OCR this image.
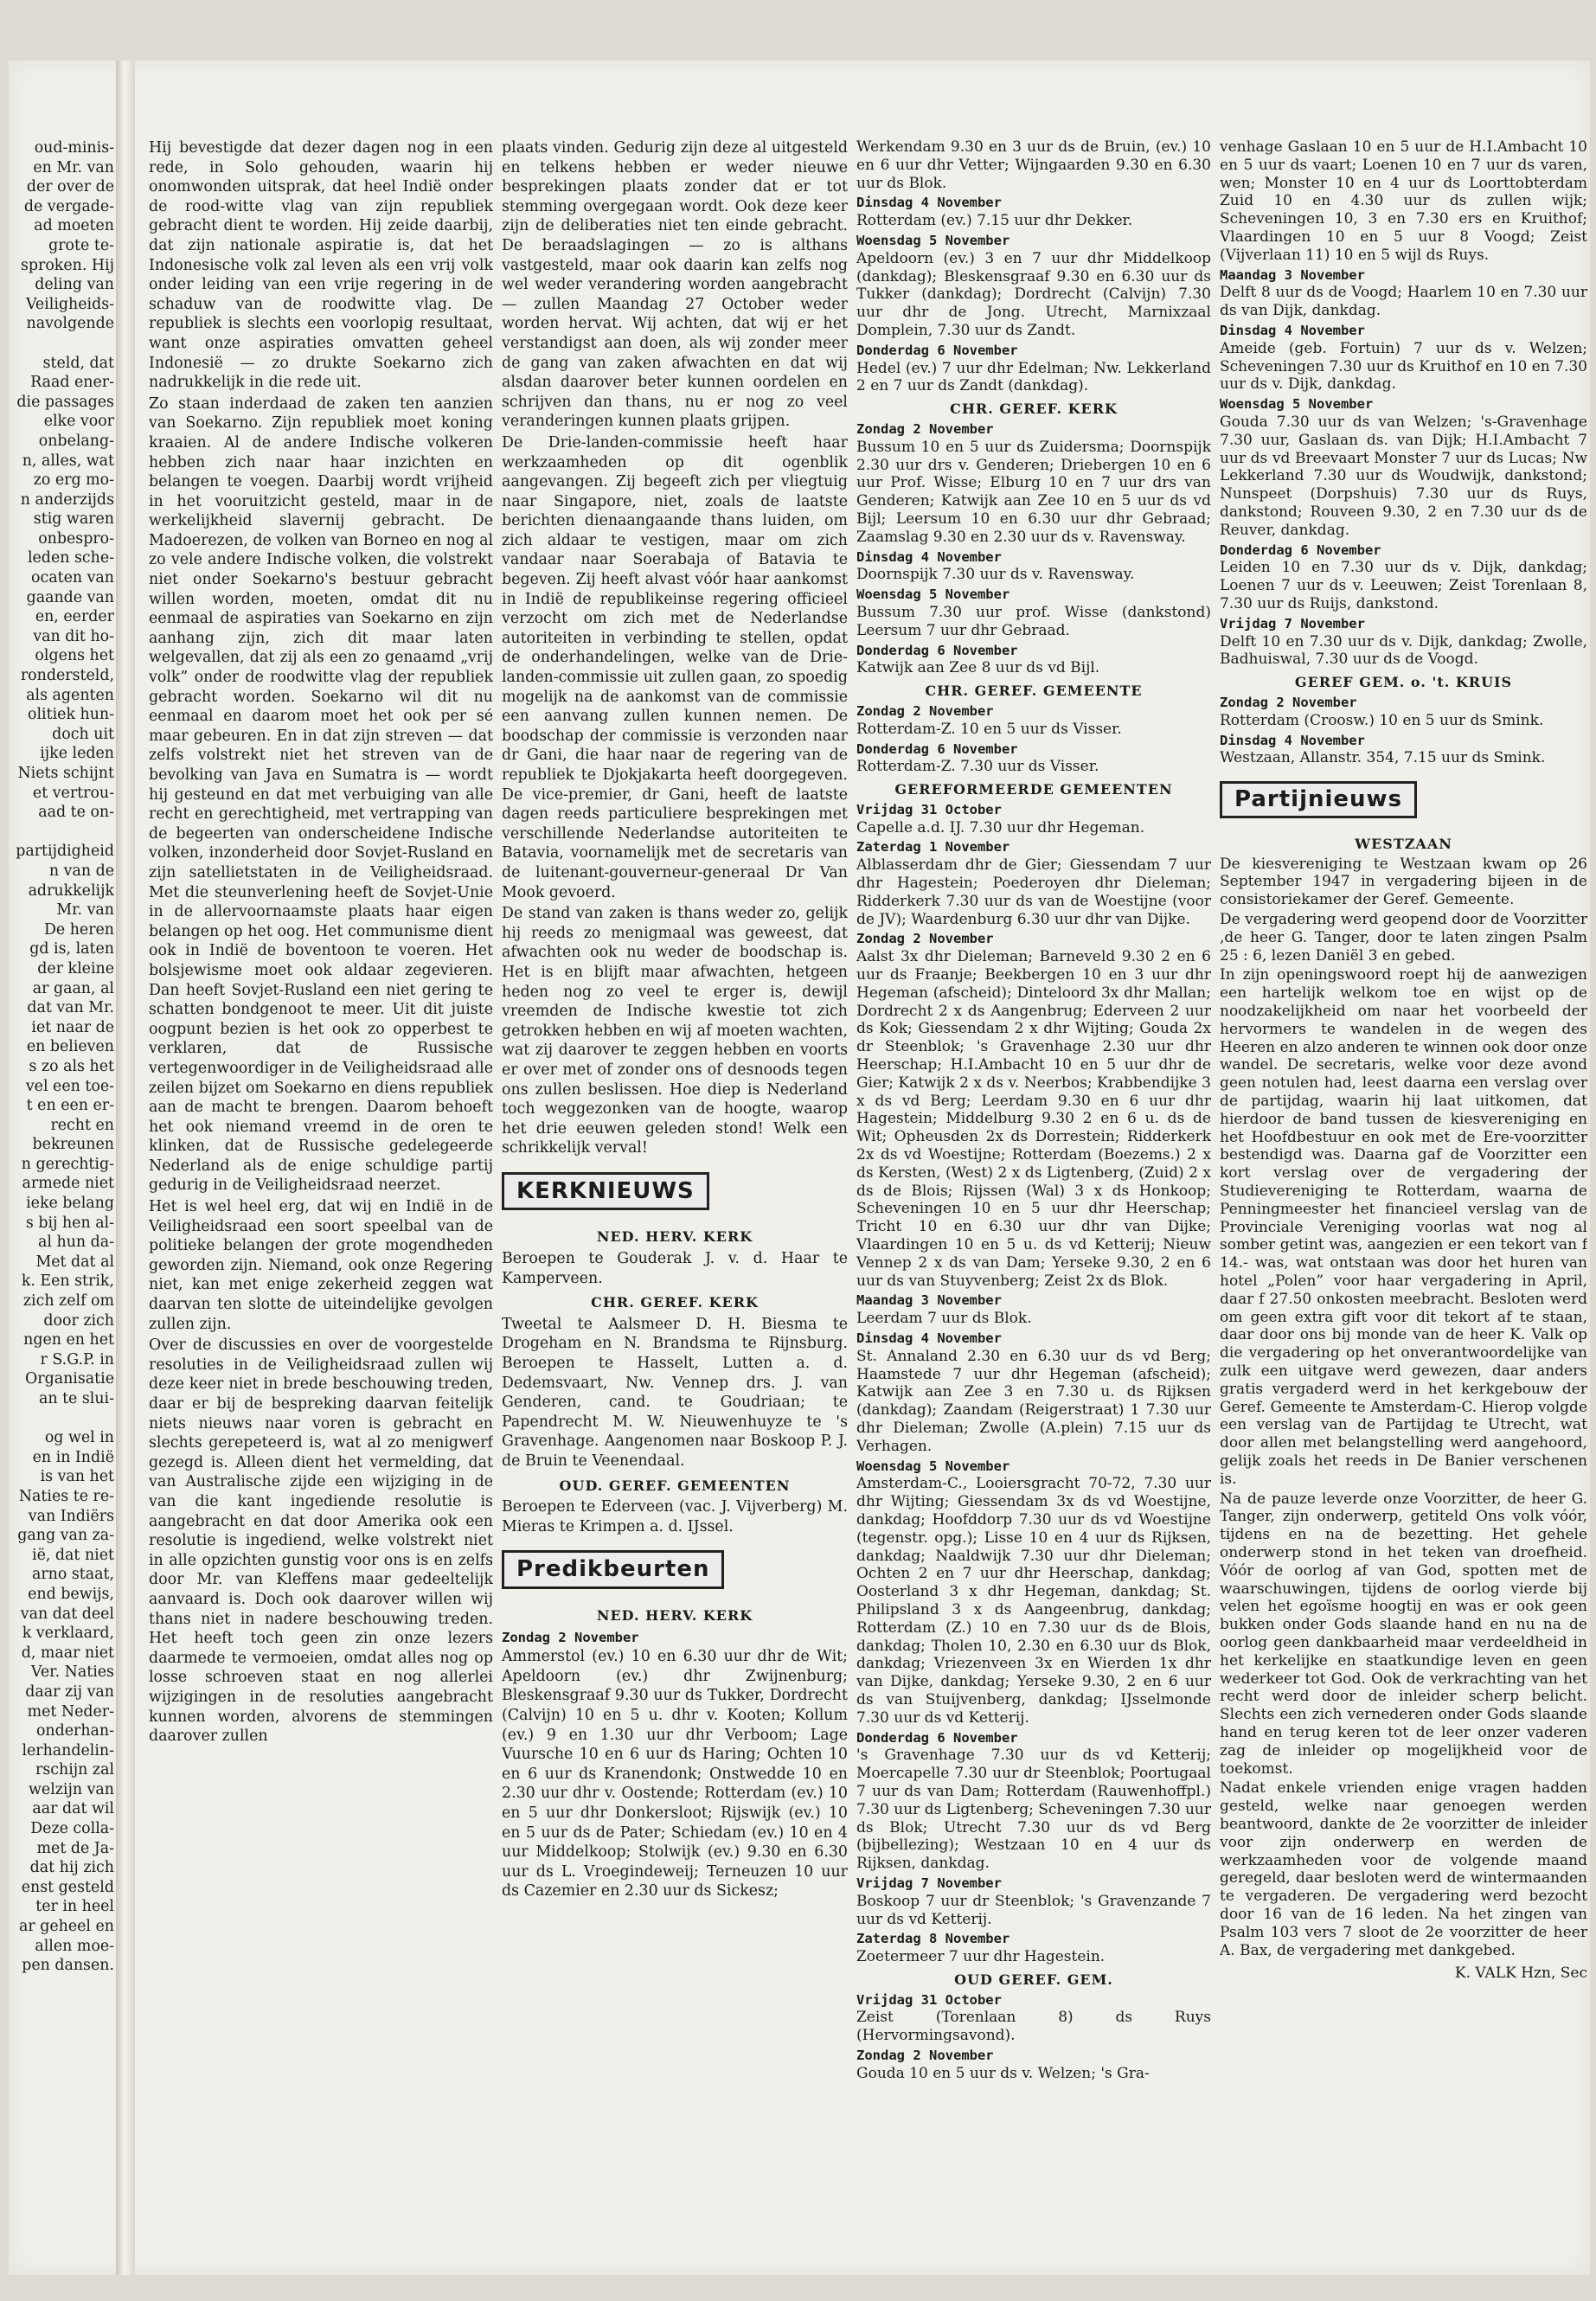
oud-minis-

en Mr. van

der over de

de vergade-

ad moeten

grote te-

sproken. Hij

deling van

Veiligheids-

navolgende

steld, dat

Raad ener-

die passages

elke voor

onbelang-

n, alles, wat

zo erg mo-

n anderzijds

stig waren

onbespro-

leden sche-

ocaten van

gaande van

en, eerder

van dit ho-

olgens het

rondersteld,

als agenten

olitiek hun-

doch uit

ijke leden

Niets schijnt

et vertrou-

aad te on-

partijdigheid

n van de

adrukkelijk

Mr. van

De heren

gd is, laten

der kleine

ar gaan, al

dat van Mr.

iet naar de

en believen

s zo als het

vel een toe-

t en een er-

recht en

bekreunen

n gerechtig-

armede niet

ieke belang

s bij hen al-

al hun da-

Met dat al

k. Een strik,

zich zelf om

door zich

ngen en het

r S.G.P. in

Organisatie

an te slui-

og wel in

en in Indië

is van het

Naties te re-

van Indiërs

gang van za-

ië, dat niet

arno staat,

end bewijs,

van dat deel

k verklaard,

d, maar niet

Ver. Naties

daar zij van

met Neder-

onderhan-

lerhandelin-

rschijn zal

welzijn van

aar dat wil

Deze colla-

met de Ja-

dat hij zich

enst gesteld

ter in heel

ar geheel en

allen moe-

pen dansen.

Hij bevestigde dat dezer dagen nog in een rede, in Solo gehouden, waarin hij onomwonden uitsprak, dat heel Indië onder de rood-witte vlag van zijn republiek gebracht dient te worden. Hij zeide daarbij, dat zijn nationale aspiratie is, dat het Indonesische volk zal leven als een vrij volk onder leiding van een vrije regering in de schaduw van de roodwitte vlag. De republiek is slechts een voorlopig resultaat, want onze aspiraties omvatten geheel Indonesië — zo drukte Soekarno zich nadrukkelijk in die rede uit.

Zo staan inderdaad de zaken ten aanzien van Soekarno. Zijn republiek moet koning kraaien. Al de andere Indische volkeren hebben zich naar haar inzichten en belangen te voegen. Daarbij wordt vrijheid in het vooruitzicht gesteld, maar in de werkelijkheid slavernij gebracht. De Madoerezen, de volken van Borneo en nog al zo vele andere Indische volken, die volstrekt niet onder Soekarno's bestuur gebracht willen worden, moeten, omdat dit nu eenmaal de aspiraties van Soekarno en zijn aanhang zijn, zich dit maar laten welgevallen, dat zij als een zo genaamd „vrij volk” onder de roodwitte vlag der republiek gebracht worden. Soekarno wil dit nu eenmaal en daarom moet het ook per sé maar gebeuren. En in dat zijn streven — dat zelfs volstrekt niet het streven van de bevolking van Java en Sumatra is — wordt hij gesteund en dat met verbuiging van alle recht en gerechtigheid, met vertrapping van de begeerten van onderscheidene Indische volken, inzonderheid door Sovjet-Rusland en zijn satellietstaten in de Veiligheidsraad. Met die steunverlening heeft de Sovjet-Unie in de allervoornaamste plaats haar eigen belangen op het oog. Het communisme dient ook in Indië de boventoon te voeren. Het bolsjewisme moet ook aldaar zegevieren. Dan heeft Sovjet-Rusland een niet gering te schatten bondgenoot te meer. Uit dit juiste oogpunt bezien is het ook zo opperbest te verklaren, dat de Russische vertegenwoordiger in de Veiligheidsraad alle zeilen bijzet om Soekarno en diens republiek aan de macht te brengen. Daarom behoeft het ook niemand vreemd in de oren te klinken, dat de Russische gedelegeerde Nederland als de enige schuldige partij gedurig in de Veiligheidsraad neerzet.

Het is wel heel erg, dat wij en Indië in de Veiligheidsraad een soort speelbal van de politieke belangen der grote mogendheden geworden zijn. Niemand, ook onze Regering niet, kan met enige zekerheid zeggen wat daarvan ten slotte de uiteindelijke gevolgen zullen zijn.

Over de discussies en over de voorgestelde resoluties in de Veiligheidsraad zullen wij deze keer niet in brede beschouwing treden, daar er bij de bespreking daarvan feitelijk niets nieuws naar voren is gebracht en slechts gerepeteerd is, wat al zo menigwerf gezegd is. Alleen dient het vermelding, dat van Australische zijde een wijziging in de van die kant ingediende resolutie is aangebracht en dat door Amerika ook een resolutie is ingediend, welke volstrekt niet in alle opzichten gunstig voor ons is en zelfs door Mr. van Kleffens maar gedeeltelijk aanvaard is. Doch ook daarover willen wij thans niet in nadere beschouwing treden. Het heeft toch geen zin onze lezers daarmede te vermoeien, omdat alles nog op losse schroeven staat en nog allerlei wijzigingen in de resoluties aangebracht kunnen worden, alvorens de stemmingen daarover zullen

plaats vinden. Gedurig zijn deze al uitgesteld en telkens hebben er weder nieuwe besprekingen plaats zonder dat er tot stemming overgegaan wordt. Ook deze keer zijn de deliberaties niet ten einde gebracht. De beraadslagingen — zo is althans vastgesteld, maar ook daarin kan zelfs nog wel weder verandering worden aangebracht — zullen Maandag 27 October weder worden hervat. Wij achten, dat wij er het verstandigst aan doen, als wij zonder meer de gang van zaken afwachten en dat wij alsdan daarover beter kunnen oordelen en schrijven dan thans, nu er nog zo veel veranderingen kunnen plaats grijpen.

De Drie-landen-commissie heeft haar werkzaamheden op dit ogenblik aangevangen. Zij begeeft zich per vliegtuig naar Singapore, niet, zoals de laatste berichten dienaangaande thans luiden, om zich aldaar te vestigen, maar om zich vandaar naar Soerabaja of Batavia te begeven. Zij heeft alvast vóór haar aankomst in Indië de republikeinse regering officieel verzocht om zich met de Nederlandse autoriteiten in verbinding te stellen, opdat de onderhandelingen, welke van de Drie-landen-commissie uit zullen gaan, zo spoedig mogelijk na de aankomst van de commissie een aanvang zullen kunnen nemen. De boodschap der commissie is verzonden naar dr Gani, die haar naar de regering van de republiek te Djokjakarta heeft doorgegeven. De vice-premier, dr Gani, heeft de laatste dagen reeds particuliere besprekingen met verschillende Nederlandse autoriteiten te Batavia, voornamelijk met de secretaris van de luitenant-gouverneur-generaal Dr Van Mook gevoerd.

De stand van zaken is thans weder zo, gelijk hij reeds zo menigmaal was geweest, dat afwachten ook nu weder de boodschap is. Het is en blijft maar afwachten, hetgeen heden nog zo veel te erger is, dewijl vreemden de Indische kwestie tot zich getrokken hebben en wij af moeten wachten, wat zij daarover te zeggen hebben en voorts er over met of zonder ons of desnoods tegen ons zullen beslissen. Hoe diep is Nederland toch weggezonken van de hoogte, waarop het drie eeuwen geleden stond! Welk een schrikkelijk verval!

KERKNIEUWS
NED. HERV. KERK

Beroepen te Gouderak J. v. d. Haar te Kamperveen.

CHR. GEREF. KERK

Tweetal te Aalsmeer D. H. Biesma te Drogeham en N. Brandsma te Rijnsburg. Beroepen te Hasselt, Lutten a. d. Dedemsvaart, Nw. Vennep drs. J. van Genderen, cand. te Goudriaan; te Papendrecht M. W. Nieuwenhuyze te 's Gravenhage. Aangenomen naar Boskoop P. J. de Bruin te Veenendaal.

OUD. GEREF. GEMEENTEN

Beroepen te Ederveen (vac. J. Vijverberg) M. Mieras te Krimpen a. d. IJssel.

Predikbeurten
NED. HERV. KERK
Zondag 2 November

Ammerstol (ev.) 10 en 6.30 uur dhr de Wit; Apeldoorn (ev.) dhr Zwijnenburg; Bleskensgraaf 9.30 uur ds Tukker, Dordrecht (Calvijn) 10 en 5 u. dhr v. Kooten; Kollum (ev.) 9 en 1.30 uur dhr Verboom; Lage Vuursche 10 en 6 uur ds Haring; Ochten 10 en 6 uur ds Kranendonk; Onstwedde 10 en 2.30 uur dhr v. Oostende; Rotterdam (ev.) 10 en 5 uur dhr Donkersloot; Rijswijk (ev.) 10 en 5 uur ds de Pater; Schiedam (ev.) 10 en 4 uur Middelkoop; Stolwijk (ev.) 9.30 en 6.30 uur ds L. Vroegindeweij; Terneuzen 10 uur ds Cazemier en 2.30 uur ds Sickesz;

Werkendam 9.30 en 3 uur ds de Bruin, (ev.) 10 en 6 uur dhr Vetter; Wijngaarden 9.30 en 6.30 uur ds Blok.

Dinsdag 4 November

Rotterdam (ev.) 7.15 uur dhr Dekker.

Woensdag 5 November

Apeldoorn (ev.) 3 en 7 uur dhr Middelkoop (dankdag); Bleskensgraaf 9.30 en 6.30 uur ds Tukker (dankdag); Dordrecht (Calvijn) 7.30 uur dhr de Jong. Utrecht, Marnixzaal Domplein, 7.30 uur ds Zandt.

Donderdag 6 November

Hedel (ev.) 7 uur dhr Edelman; Nw. Lekkerland 2 en 7 uur ds Zandt (dankdag).

CHR. GEREF. KERK
Zondag 2 November

Bussum 10 en 5 uur ds Zuidersma; Doornspijk 2.30 uur drs v. Genderen; Driebergen 10 en 6 uur Prof. Wisse; Elburg 10 en 7 uur drs van Genderen; Katwijk aan Zee 10 en 5 uur ds vd Bijl; Leersum 10 en 6.30 uur dhr Gebraad; Zaamslag 9.30 en 2.30 uur ds v. Ravensway.

Dinsdag 4 November

Doornspijk 7.30 uur ds v. Ravensway.

Woensdag 5 November

Bussum 7.30 uur prof. Wisse (dankstond) Leersum 7 uur dhr Gebraad.

Donderdag 6 November

Katwijk aan Zee 8 uur ds vd Bijl.

CHR. GEREF. GEMEENTE
Zondag 2 November

Rotterdam-Z. 10 en 5 uur ds Visser.

Donderdag 6 November

Rotterdam-Z. 7.30 uur ds Visser.

GEREFORMEERDE GEMEENTEN
Vrijdag 31 October

Capelle a.d. IJ. 7.30 uur dhr Hegeman.

Zaterdag 1 November

Alblasserdam dhr de Gier; Giessendam 7 uur dhr Hagestein; Poederoyen dhr Dieleman; Ridderkerk 7.30 uur ds van de Woestijne (voor de JV); Waardenburg 6.30 uur dhr van Dijke.

Zondag 2 November

Aalst 3x dhr Dieleman; Barneveld 9.30 2 en 6 uur ds Fraanje; Beekbergen 10 en 3 uur dhr Hegeman (afscheid); Dinteloord 3x dhr Mallan; Dordrecht 2 x ds Aangenbrug; Ederveen 2 uur ds Kok; Giessendam 2 x dhr Wijting; Gouda 2x dr Steenblok; 's Gravenhage 2.30 uur dhr Heerschap; H.I.Ambacht 10 en 5 uur dhr de Gier; Katwijk 2 x ds v. Neerbos; Krabbendijke 3 x ds vd Berg; Leerdam 9.30 en 6 uur dhr Hagestein; Middelburg 9.30 2 en 6 u. ds de Wit; Opheusden 2x ds Dorrestein; Ridderkerk 2x ds vd Woestijne; Rotterdam (Boezems.) 2 x ds Kersten, (West) 2 x ds Ligtenberg, (Zuid) 2 x ds de Blois; Rijssen (Wal) 3 x ds Honkoop; Scheveningen 10 en 5 uur dhr Heerschap; Tricht 10 en 6.30 uur dhr van Dijke; Vlaardingen 10 en 5 u. ds vd Ketterij; Nieuw Vennep 2 x ds van Dam; Yerseke 9.30, 2 en 6 uur ds van Stuyvenberg; Zeist 2x ds Blok.

Maandag 3 November

Leerdam 7 uur ds Blok.

Dinsdag 4 November

St. Annaland 2.30 en 6.30 uur ds vd Berg; Haamstede 7 uur dhr Hegeman (afscheid); Katwijk aan Zee 3 en 7.30 u. ds Rijksen (dankdag); Zaandam (Reigerstraat) 1 7.30 uur dhr Dieleman; Zwolle (A.plein) 7.15 uur ds Verhagen.

Woensdag 5 November

Amsterdam-C., Looiersgracht 70-72, 7.30 uur dhr Wijting; Giessendam 3x ds vd Woestijne, dankdag; Hoofddorp 7.30 uur ds vd Woestijne (tegenstr. opg.); Lisse 10 en 4 uur ds Rijksen, dankdag; Naaldwijk 7.30 uur dhr Dieleman; Ochten 2 en 7 uur dhr Heerschap, dankdag; Oosterland 3 x dhr Hegeman, dankdag; St. Philipsland 3 x ds Aangeenbrug, dankdag; Rotterdam (Z.) 10 en 7.30 uur ds de Blois, dankdag; Tholen 10, 2.30 en 6.30 uur ds Blok, dankdag; Vriezenveen 3x en Wierden 1x dhr van Dijke, dankdag; Yerseke 9.30, 2 en 6 uur ds van Stuijvenberg, dankdag; IJsselmonde 7.30 uur ds vd Ketterij.

Donderdag 6 November

's Gravenhage 7.30 uur ds vd Ketterij; Moercapelle 7.30 uur dr Steenblok; Poortugaal 7 uur ds van Dam; Rotterdam (Rauwenhoffpl.) 7.30 uur ds Ligtenberg; Scheveningen 7.30 uur ds Blok; Utrecht 7.30 uur ds vd Berg (bijbellezing); Westzaan 10 en 4 uur ds Rijksen, dankdag.

Vrijdag 7 November

Boskoop 7 uur dr Steenblok; 's Gravenzande 7 uur ds vd Ketterij.

Zaterdag 8 November

Zoetermeer 7 uur dhr Hagestein.

OUD GEREF. GEM.
Vrijdag 31 October

Zeist (Torenlaan 8) ds Ruys (Hervormingsavond).

Zondag 2 November

Gouda 10 en 5 uur ds v. Welzen; 's Gra-

venhage Gaslaan 10 en 5 uur de H.I.Ambacht 10 en 5 uur ds vaart; Loenen 10 en 7 uur ds varen, wen; Monster 10 en 4 uur ds Loorttobterdam Zuid 10 en 4.30 uur ds zullen wijk; Scheveningen 10, 3 en 7.30 ers en Kruithof; Vlaardingen 10 en 5 uur 8 Voogd; Zeist (Vijverlaan 11) 10 en 5 wijl ds Ruys.

Maandag 3 November

Delft 8 uur ds de Voogd; Haarlem 10 en 7.30 uur ds van Dijk, dankdag.

Dinsdag 4 November

Ameide (geb. Fortuin) 7 uur ds v. Welzen; Scheveningen 7.30 uur ds Kruithof en 10 en 7.30 uur ds v. Dijk, dankdag.

Woensdag 5 November

Gouda 7.30 uur ds van Welzen; 's-Gravenhage 7.30 uur, Gaslaan ds. van Dijk; H.I.Ambacht 7 uur ds vd Breevaart Monster 7 uur ds Lucas; Nw Lekkerland 7.30 uur ds Woudwijk, dankstond; Nunspeet (Dorpshuis) 7.30 uur ds Ruys, dankstond; Rouveen 9.30, 2 en 7.30 uur ds de Reuver, dankdag.

Donderdag 6 November

Leiden 10 en 7.30 uur ds v. Dijk, dankdag; Loenen 7 uur ds v. Leeuwen; Zeist Torenlaan 8, 7.30 uur ds Ruijs, dankstond.

Vrijdag 7 November

Delft 10 en 7.30 uur ds v. Dijk, dankdag; Zwolle, Badhuiswal, 7.30 uur ds de Voogd.

GEREF GEM. o. 't. KRUIS
Zondag 2 November

Rotterdam (Croosw.) 10 en 5 uur ds Smink.

Dinsdag 4 November

Westzaan, Allanstr. 354, 7.15 uur ds Smink.

Partijnieuws
WESTZAAN

De kiesvereniging te Westzaan kwam op 26 September 1947 in vergadering bijeen in de consistoriekamer der Geref. Gemeente.

De vergadering werd geopend door de Voorzitter ,de heer G. Tanger, door te laten zingen Psalm 25 : 6, lezen Daniël 3 en gebed.

In zijn openingswoord roept hij de aanwezigen een hartelijk welkom toe en wijst op de noodzakelijkheid om naar het voorbeeld der hervormers te wandelen in de wegen des Heeren en alzo anderen te winnen ook door onze wandel. De secretaris, welke voor deze avond geen notulen had, leest daarna een verslag over de partijdag, waarin hij laat uitkomen, dat hierdoor de band tussen de kiesvereniging en het Hoofdbestuur en ook met de Ere-voorzitter bestendigd was. Daarna gaf de Voorzitter een kort verslag over de vergadering der Studievereniging te Rotterdam, waarna de Penningmeester het financieel verslag van de Provinciale Vereniging voorlas wat nog al somber getint was, aangezien er een tekort van f 14.- was, wat ontstaan was door het huren van hotel „Polen” voor haar vergadering in April, daar f 27.50 onkosten meebracht. Besloten werd om geen extra gift voor dit tekort af te staan, daar door ons bij monde van de heer K. Valk op die vergadering op het onverantwoordelijke van zulk een uitgave werd gewezen, daar anders gratis vergaderd werd in het kerkgebouw der Geref. Gemeente te Amsterdam-C. Hierop volgde een verslag van de Partijdag te Utrecht, wat door allen met belangstelling werd aangehoord, gelijk zoals het reeds in De Banier verschenen is.

Na de pauze leverde onze Voorzitter, de heer G. Tanger, zijn onderwerp, getiteld Ons volk vóór, tijdens en na de bezetting. Het gehele onderwerp stond in het teken van droefheid. Vóór de oorlog af van God, spotten met de waarschuwingen, tijdens de oorlog vierde bij velen het egoïsme hoogtij en was er ook geen bukken onder Gods slaande hand en nu na de oorlog geen dankbaarheid maar verdeeldheid in het kerkelijke en staatkundige leven en geen wederkeer tot God. Ook de verkrachting van het recht werd door de inleider scherp belicht. Slechts een zich vernederen onder Gods slaande hand en terug keren tot de leer onzer vaderen zag de inleider op mogelijkheid voor de toekomst.

Nadat enkele vrienden enige vragen hadden gesteld, welke naar genoegen werden beantwoord, dankte de 2e voorzitter de inleider voor zijn onderwerp en werden de werkzaamheden voor de volgende maand geregeld, daar besloten werd de wintermaanden te vergaderen. De vergadering werd bezocht door 16 van de 16 leden. Na het zingen van Psalm 103 vers 7 sloot de 2e voorzitter de heer A. Bax, de vergadering met dankgebed.

K. VALK Hzn, Sec
